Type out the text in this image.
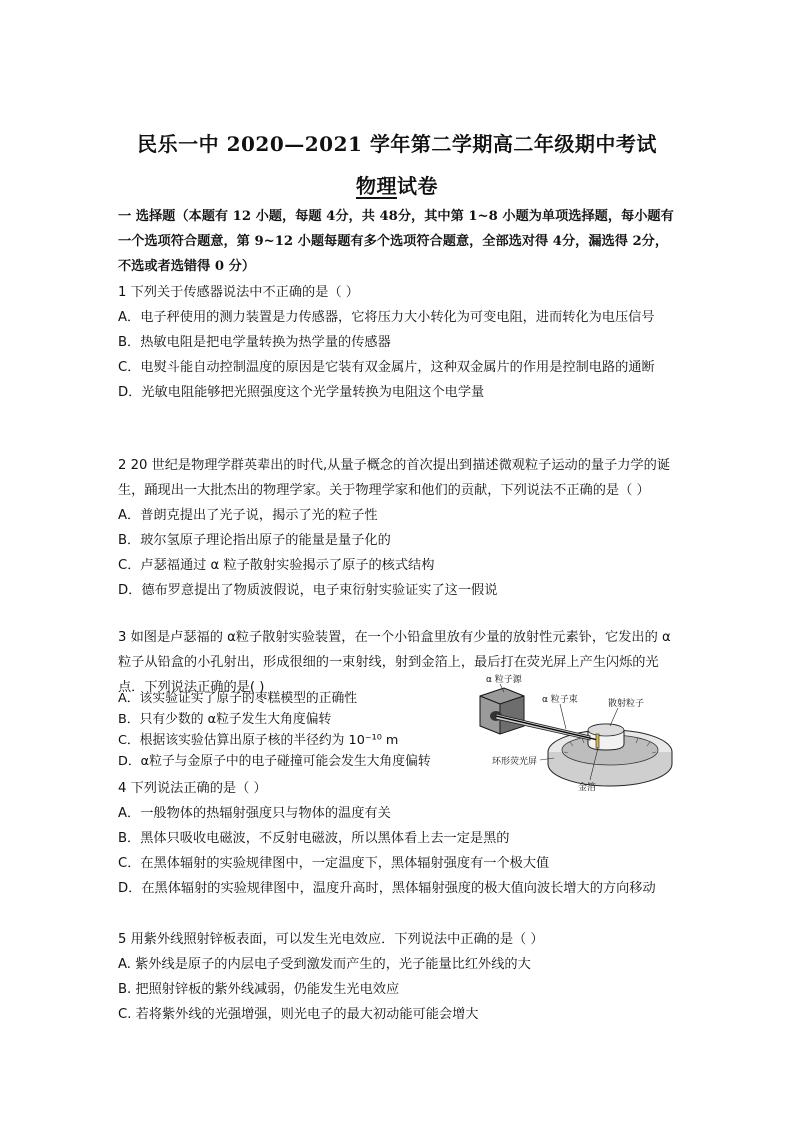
民乐一中 2020—2021 学年第二学期高二年级期中考试
物理试卷
一 选择题（本题有 12 小题，每题 4分，共 48分，其中第 1~8 小题为单项选择题，每小题有一个选项符合题意，第 9~12 小题每题有多个选项符合题意，全部选对得 4分，漏选得 2分，不选或者选错得 0 分）

1 下列关于传感器说法中不正确的是（ ）

A．电子秤使用的测力装置是力传感器，它将压力大小转化为可变电阻，进而转化为电压信号

B．热敏电阻是把电学量转换为热学量的传感器

C．电熨斗能自动控制温度的原因是它装有双金属片，这种双金属片的作用是控制电路的通断

D．光敏电阻能够把光照强度这个光学量转换为电阻这个电学量

2 20 世纪是物理学群英辈出的时代,从量子概念的首次提出到描述微观粒子运动的量子力学的诞生，踊现出一大批杰出的物理学家。关于物理学家和他们的贡献，下列说法不正确的是（ ）

A．普朗克提出了光子说，揭示了光的粒子性

B．玻尔氢原子理论指出原子的能量是量子化的

C．卢瑟福通过 α 粒子散射实验揭示了原子的核式结构

D．德布罗意提出了物质波假说，电子束衍射实验证实了这一假说

3 如图是卢瑟福的 α粒子散射实验装置，在一个小铅盒里放有少量的放射性元素钋，它发出的 α粒子从铅盒的小孔射出，形成很细的一束射线，射到金箔上，最后打在荧光屏上产生闪烁的光点．下列说法正确的是( )

A．该实验证实了原子的枣糕模型的正确性

B．只有少数的 α粒子发生大角度偏转

C．根据该实验估算出原子核的半径约为 10⁻¹⁰ m

D．α粒子与金原子中的电子碰撞可能会发生大角度偏转

α 粒子源
α 粒子束	散射粒子
环形荧光屏
金箔

4 下列说法正确的是（ ）

A．一般物体的热辐射强度只与物体的温度有关

B．黑体只吸收电磁波，不反射电磁波，所以黑体看上去一定是黑的

C．在黑体辐射的实验规律图中，一定温度下，黑体辐射强度有一个极大值

D．在黑体辐射的实验规律图中，温度升高时，黑体辐射强度的极大值向波长增大的方向移动

5 用紫外线照射锌板表面，可以发生光电效应．下列说法中正确的是（ ）

A. 紫外线是原子的内层电子受到激发而产生的，光子能量比红外线的大

B. 把照射锌板的紫外线减弱，仍能发生光电效应

C. 若将紫外线的光强增强，则光电子的最大初动能可能会增大
